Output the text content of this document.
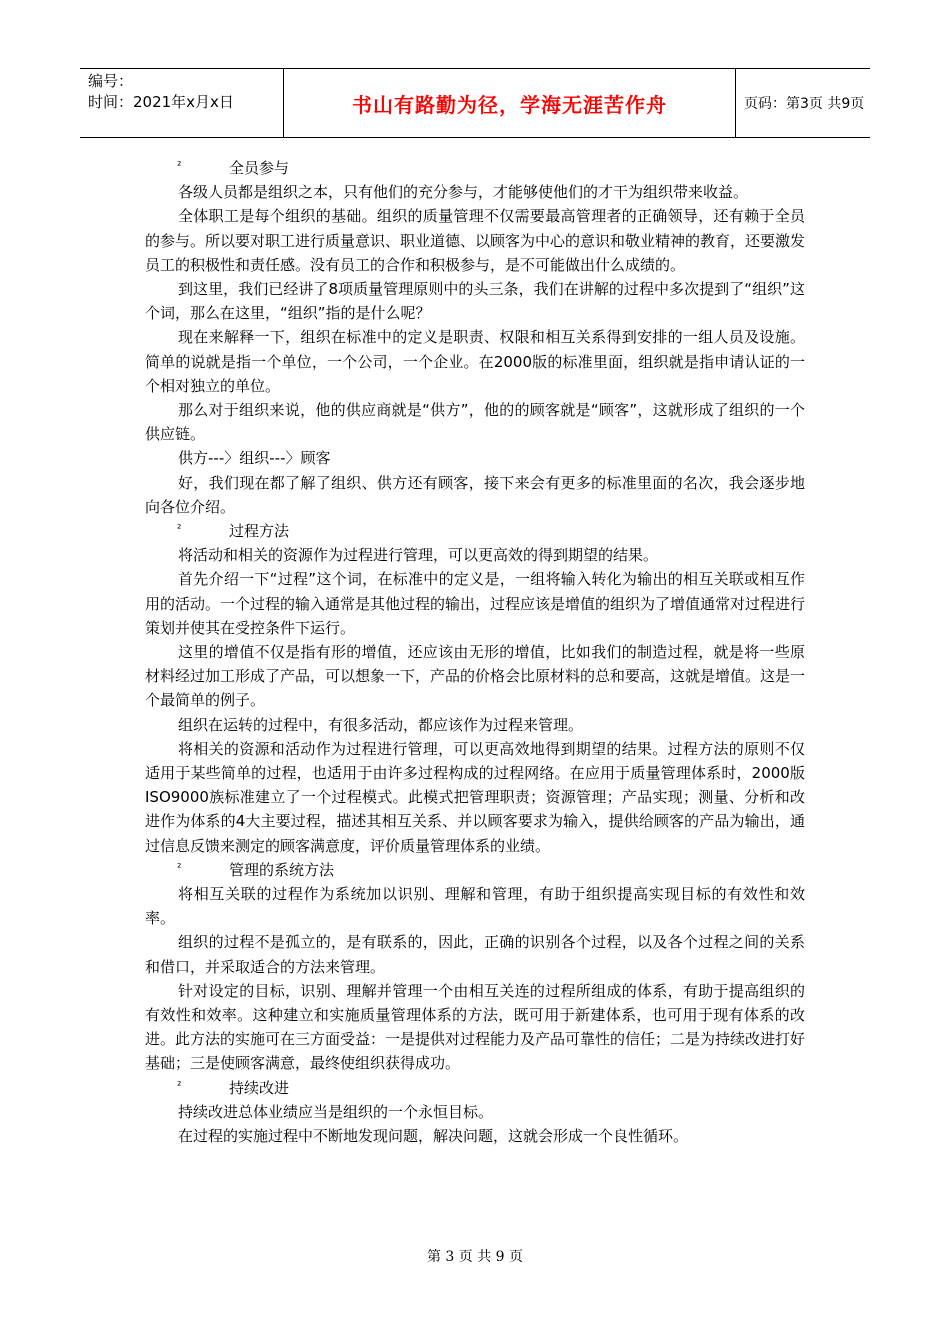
编号：
时间：2021年x月x日	书山有路勤为径，学海无涯苦作舟	页码：第3页 共9页
²	全员参与

各级人员都是组织之本，只有他们的充分参与，才能够使他们的才干为组织带来收益。

全体职工是每个组织的基础。组织的质量管理不仅需要最高管理者的正确领导，还有赖于全员的参与。所以要对职工进行质量意识、职业道德、以顾客为中心的意识和敬业精神的教育，还要激发员工的积极性和责任感。没有员工的合作和积极参与，是不可能做出什么成绩的。

到这里，我们已经讲了8项质量管理原则中的头三条，我们在讲解的过程中多次提到了“组织”这个词，那么在这里，“组织”指的是什么呢？

现在来解释一下，组织在标准中的定义是职责、权限和相互关系得到安排的一组人员及设施。简单的说就是指一个单位，一个公司，一个企业。在2000版的标准里面，组织就是指申请认证的一个相对独立的单位。

那么对于组织来说，他的供应商就是“供方”，他的的顾客就是“顾客”，这就形成了组织的一个供应链。

供方---〉组织---〉顾客

好，我们现在都了解了组织、供方还有顾客，接下来会有更多的标准里面的名次，我会逐步地向各位介绍。

²	过程方法

将活动和相关的资源作为过程进行管理，可以更高效的得到期望的结果。

首先介绍一下“过程”这个词，在标准中的定义是，一组将输入转化为输出的相互关联或相互作用的活动。一个过程的输入通常是其他过程的输出，过程应该是增值的组织为了增值通常对过程进行策划并使其在受控条件下运行。

这里的增值不仅是指有形的增值，还应该由无形的增值，比如我们的制造过程，就是将一些原材料经过加工形成了产品，可以想象一下，产品的价格会比原材料的总和要高，这就是增值。这是一个最简单的例子。

组织在运转的过程中，有很多活动，都应该作为过程来管理。

将相关的资源和活动作为过程进行管理，可以更高效地得到期望的结果。过程方法的原则不仅适用于某些简单的过程，也适用于由许多过程构成的过程网络。在应用于质量管理体系时，2000版ISO9000族标准建立了一个过程模式。此模式把管理职责；资源管理；产品实现；测量、分析和改进作为体系的4大主要过程，描述其相互关系、并以顾客要求为输入，提供给顾客的产品为输出，通过信息反馈来测定的顾客满意度，评价质量管理体系的业绩。

²	管理的系统方法

将相互关联的过程作为系统加以识别、理解和管理，有助于组织提高实现目标的有效性和效率。

组织的过程不是孤立的，是有联系的，因此，正确的识别各个过程，以及各个过程之间的关系和借口，并采取适合的方法来管理。

针对设定的目标，识别、理解并管理一个由相互关连的过程所组成的体系，有助于提高组织的有效性和效率。这种建立和实施质量管理体系的方法，既可用于新建体系，也可用于现有体系的改进。此方法的实施可在三方面受益：一是提供对过程能力及产品可靠性的信任；二是为持续改进打好基础；三是使顾客满意，最终使组织获得成功。

²	持续改进

持续改进总体业绩应当是组织的一个永恒目标。

在过程的实施过程中不断地发现问题，解决问题，这就会形成一个良性循环。

第 3 页 共 9 页
